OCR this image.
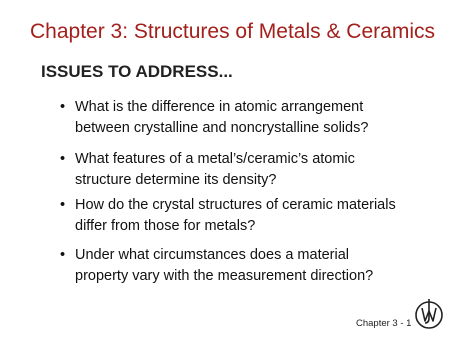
Chapter 3: Structures of Metals & Ceramics
ISSUES TO ADDRESS...
• What is the difference in atomic arrangement between crystalline and noncrystalline solids?
• What features of a metal’s/ceramic’s atomic structure determine its density?
• How do the crystal structures of ceramic materials differ from those for metals?
• Under what circumstances does a material property vary with the measurement direction?
Chapter 3 - 1
